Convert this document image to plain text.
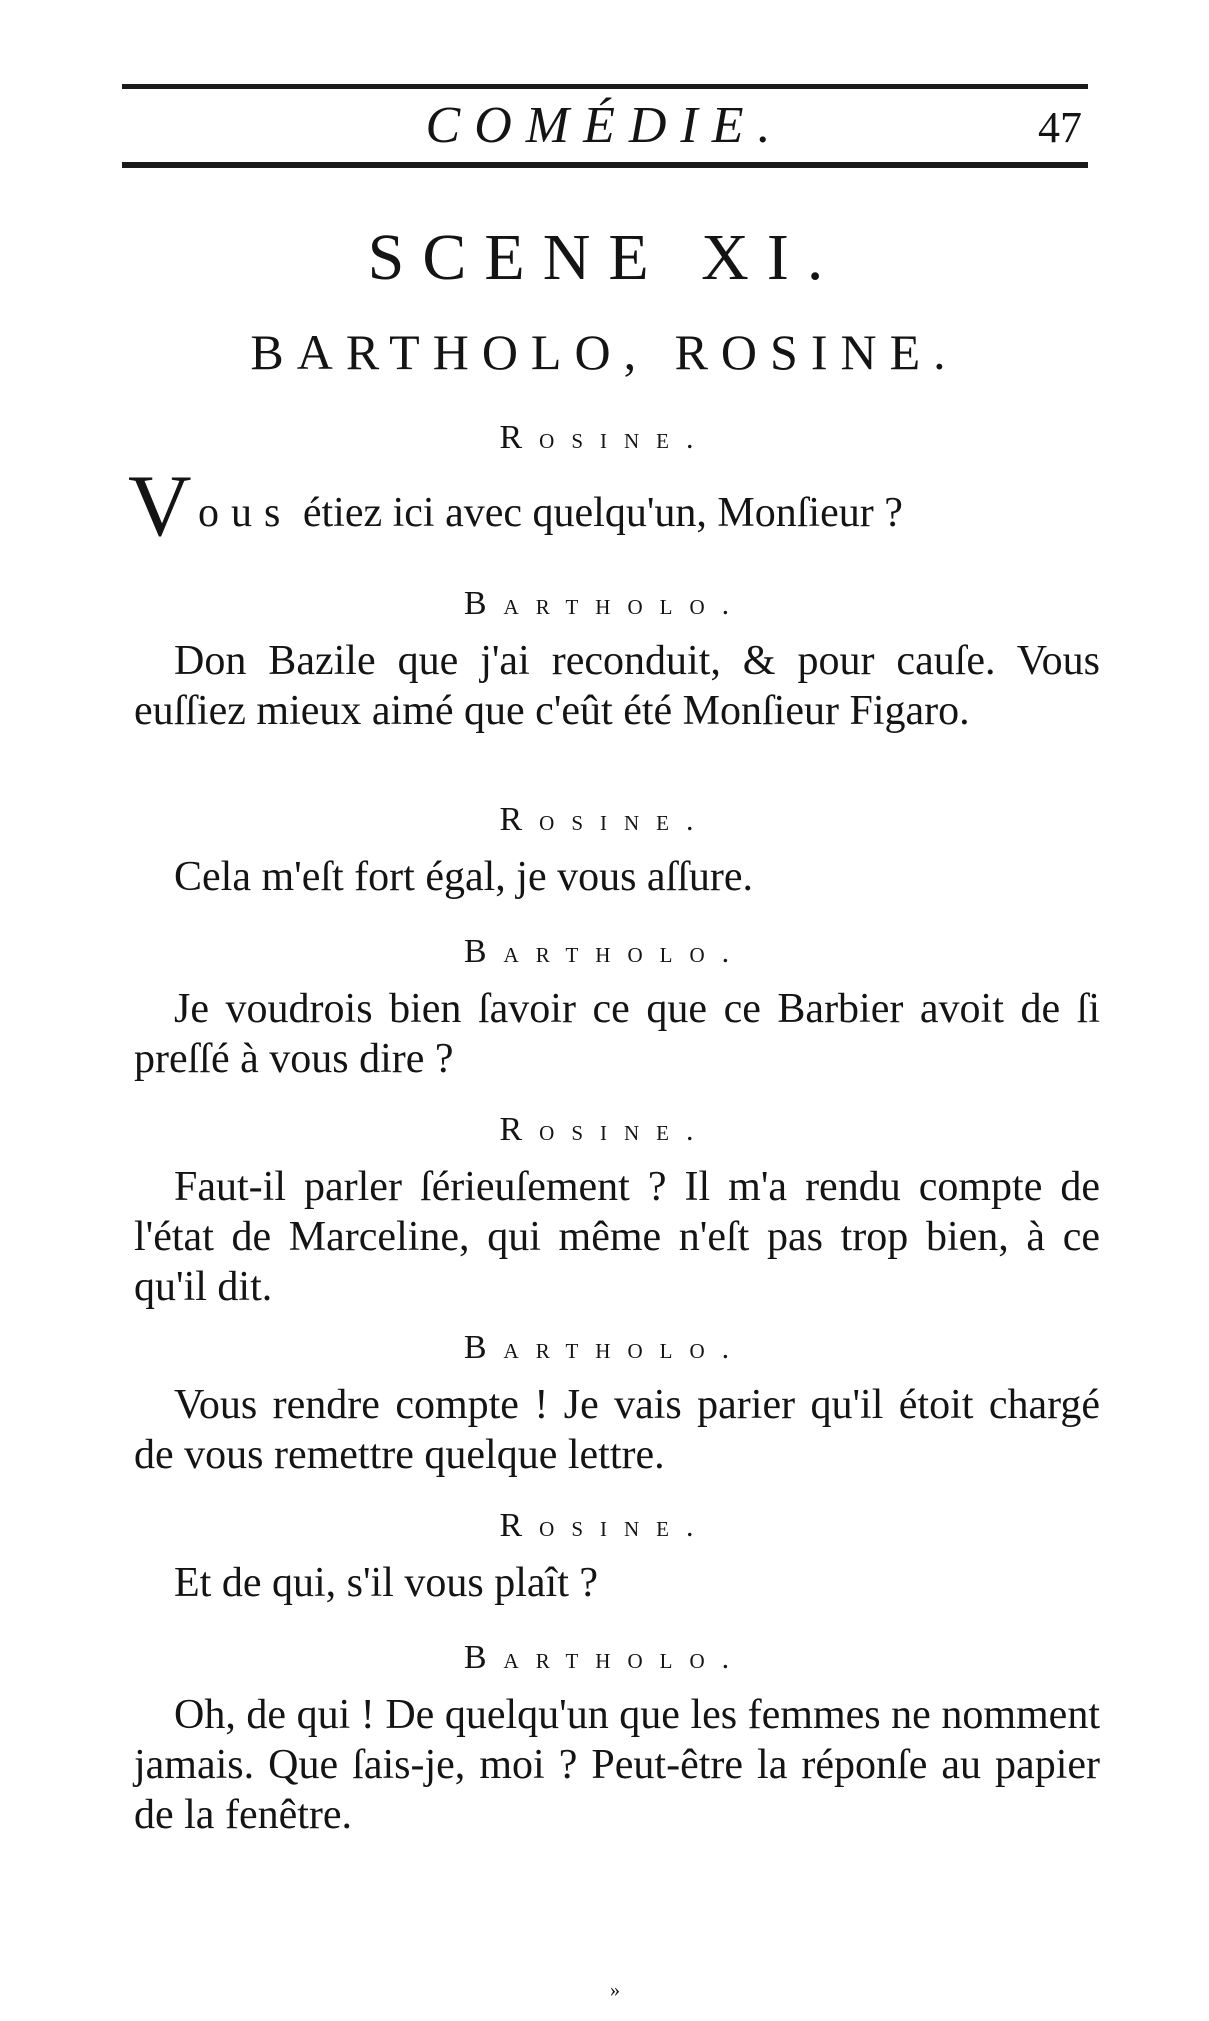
COMÉDIE.	47
SCENE XI.
BARTHOLO, ROSINE.
rosine.
V ous étiez ici avec quelqu'un, Monſieur ?
bartholo.

Don Bazile que j'ai reconduit, & pour cauſe. Vous euſſiez mieux aimé que c'eût été Monſieur Figaro.

rosine.

Cela m'eſt fort égal, je vous aſſure.

bartholo.

Je voudrois bien ſavoir ce que ce Barbier avoit de ſi preſſé à vous dire ?

rosine.

Faut-il parler ſérieuſement ? Il m'a rendu compte de l'état de Marceline, qui même n'eſt pas trop bien, à ce qu'il dit.

bartholo.

Vous rendre compte ! Je vais parier qu'il étoit chargé de vous remettre quelque lettre.

rosine.

Et de qui, s'il vous plaît ?

bartholo.

Oh, de qui ! De quelqu'un que les femmes ne nomment jamais. Que ſais-je, moi ? Peut-être la réponſe au papier de la fenêtre.

»
